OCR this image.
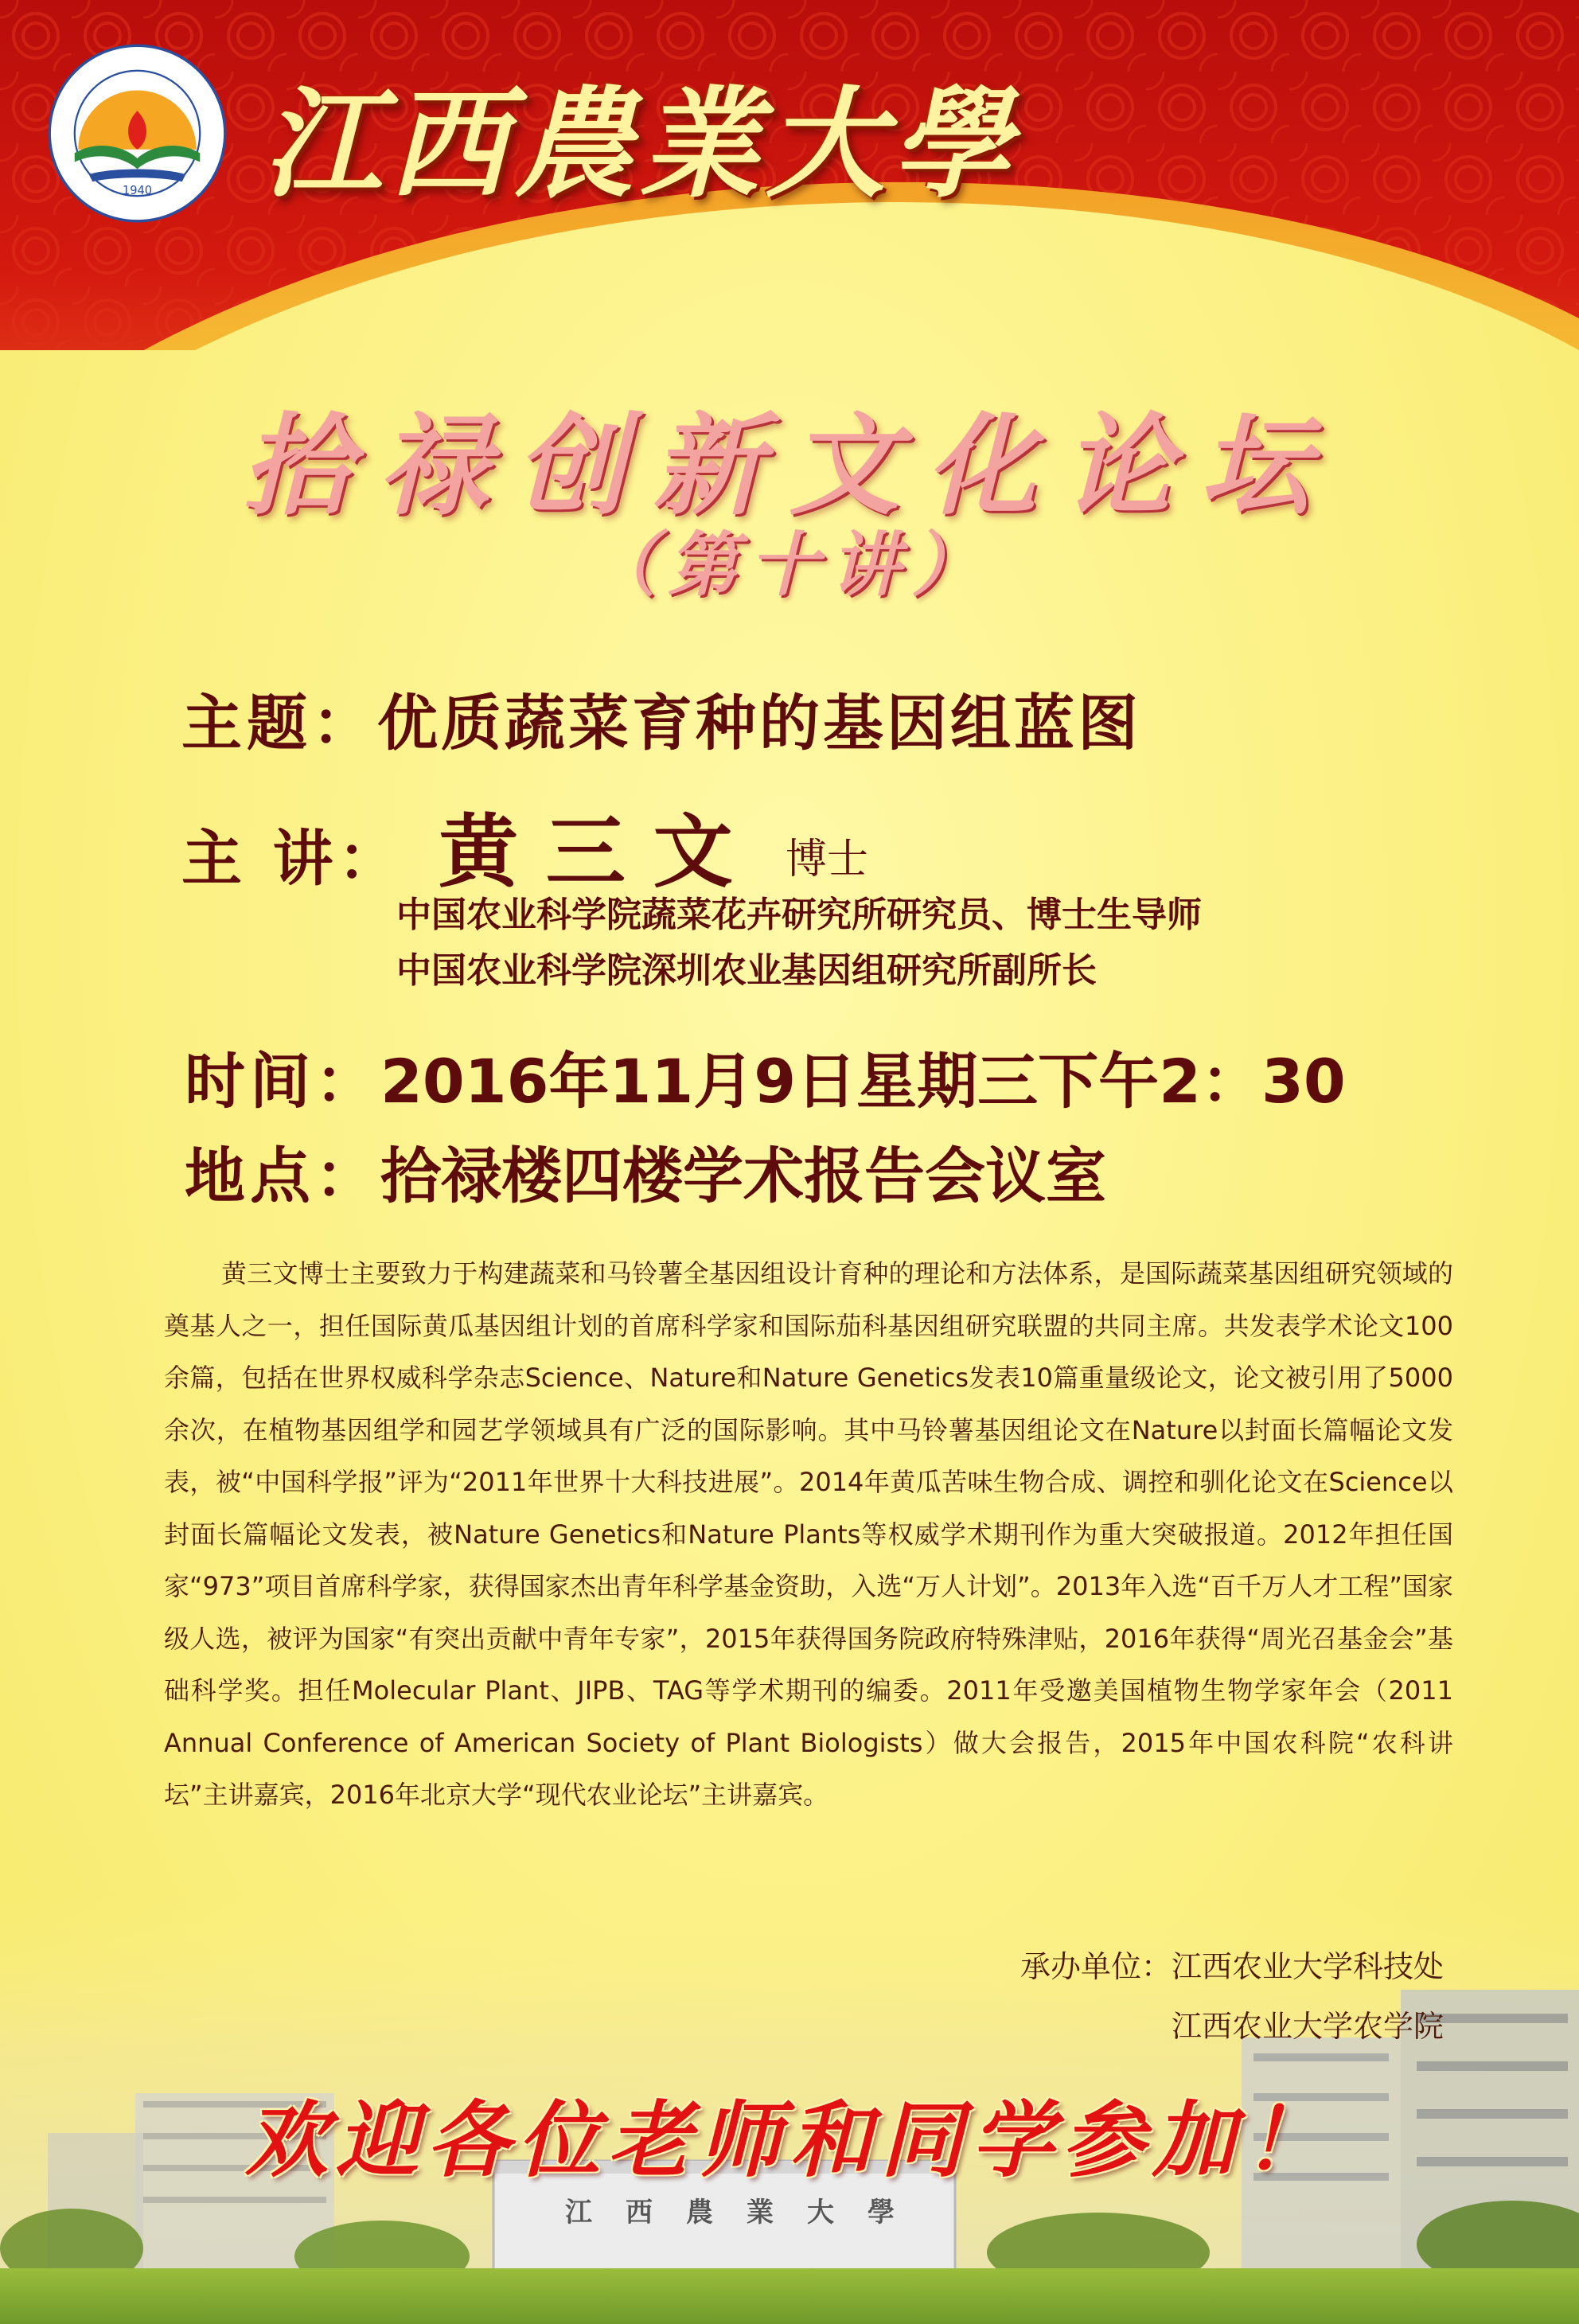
1940 江西農業大學
拾禄创新文化论坛
（第十讲）
主题：优质蔬菜育种的基因组蓝图
主 讲： 黄 三 文 博士
中国农业科学院蔬菜花卉研究所研究员、博士生导师
中国农业科学院深圳农业基因组研究所副所长
时间：2016年11月9日星期三下午2：30
地点：拾禄楼四楼学术报告会议室
黄三文博士主要致力于构建蔬菜和马铃薯全基因组设计育种的理论和方法体系，是国际蔬菜基因组研究领域的奠基人之一，担任国际黄瓜基因组计划的首席科学家和国际茄科基因组研究联盟的共同主席。共发表学术论文100余篇，包括在世界权威科学杂志Science、Nature和Nature Genetics发表10篇重量级论文，论文被引用了5000余次，在植物基因组学和园艺学领域具有广泛的国际影响。其中马铃薯基因组论文在Nature以封面长篇幅论文发表，被“中国科学报”评为“2011年世界十大科技进展”。2014年黄瓜苦味生物合成、调控和驯化论文在Science以封面长篇幅论文发表，被Nature Genetics和Nature Plants等权威学术期刊作为重大突破报道。2012年担任国家“973”项目首席科学家，获得国家杰出青年科学基金资助，入选“万人计划”。2013年入选“百千万人才工程”国家级人选，被评为国家“有突出贡献中青年专家”，2015年获得国务院政府特殊津贴，2016年获得“周光召基金会”基础科学奖。担任Molecular Plant、JIPB、TAG等学术期刊的编委。2011年受邀美国植物生物学家年会（2011 Annual Conference of American Society of Plant Biologists）做大会报告，2015年中国农科院“农科讲坛”主讲嘉宾，2016年北京大学“现代农业论坛”主讲嘉宾。
江西農業大學
承办单位：江西农业大学科技处
江西农业大学农学院
欢迎各位老师和同学参加！
